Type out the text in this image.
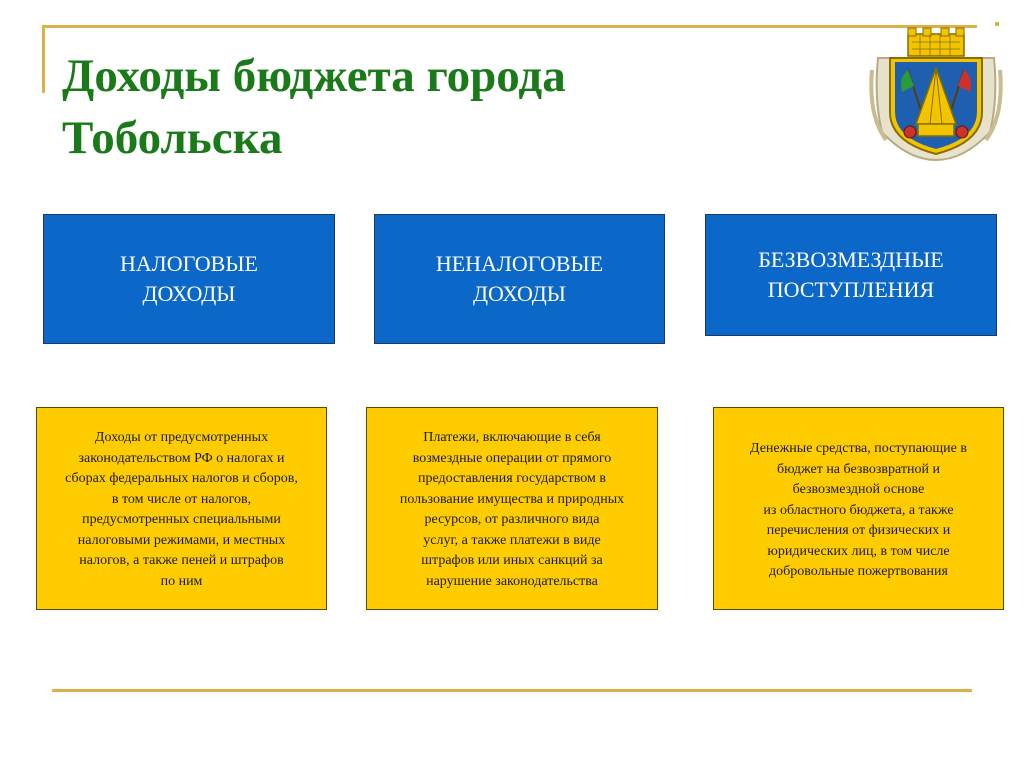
Доходы бюджета города
Тобольска
НАЛОГОВЫЕ
ДОХОДЫ
НЕНАЛОГОВЫЕ
ДОХОДЫ
БЕЗВОЗМЕЗДНЫЕ
ПОСТУПЛЕНИЯ
Доходы от предусмотренных
законодательством РФ о налогах и
сборах федеральных налогов и сборов,
в том числе от налогов,
предусмотренных специальными
налоговыми режимами, и местных
налогов, а также пеней и штрафов
по ним
Платежи, включающие в себя
возмездные операции от прямого
предоставления государством в
пользование имущества и природных
ресурсов, от различного вида
услуг, а также платежи в виде
штрафов или иных санкций за
нарушение законодательства
Денежные средства, поступающие в
бюджет на безвозвратной и
безвозмездной основе
из областного бюджета, а также
перечисления от физических и
юридических лиц, в том числе
добровольные пожертвования
